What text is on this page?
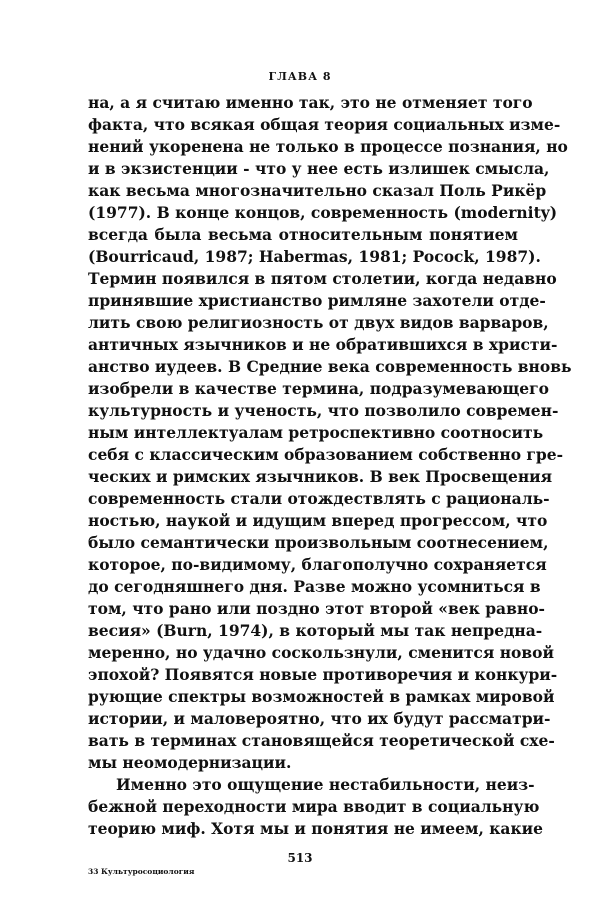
ГЛАВА 8
на, а я считаю именно так, это не отменяет того
факта, что всякая общая теория социальных изме-
нений укоренена не только в процессе познания, но
и в экзистенции - что у нее есть излишек смысла,
как весьма многозначительно сказал Поль Рикёр
(1977). В конце концов, современность (modernity)
всегда была весьма относительным понятием
(Bourricaud, 1987; Habermas, 1981; Pocock, 1987).
Термин появился в пятом столетии, когда недавно
принявшие христианство римляне захотели отде-
лить свою религиозность от двух видов варваров,
античных язычников и не обратившихся в христи-
анство иудеев. В Средние века современность вновь
изобрели в качестве термина, подразумевающего
культурность и ученость, что позволило современ-
ным интеллектуалам ретроспективно соотносить
себя с классическим образованием собственно гре-
ческих и римских язычников. В век Просвещения
современность стали отождествлять с рациональ-
ностью, наукой и идущим вперед прогрессом, что
было семантически произвольным соотнесением,
которое, по-видимому, благополучно сохраняется
до сегодняшнего дня. Разве можно усомниться в
том, что рано или поздно этот второй «век равно-
весия» (Burn, 1974), в который мы так непредна-
меренно, но удачно соскользнули, сменится новой
эпохой? Появятся новые противоречия и конкури-
рующие спектры возможностей в рамках мировой
истории, и маловероятно, что их будут рассматри-
вать в терминах становящейся теоретической схе-
мы неомодернизации.
Именно это ощущение нестабильности, неиз-
бежной переходности мира вводит в социальную
теорию миф. Хотя мы и понятия не имеем, какие
513
33 Культуросоциология
